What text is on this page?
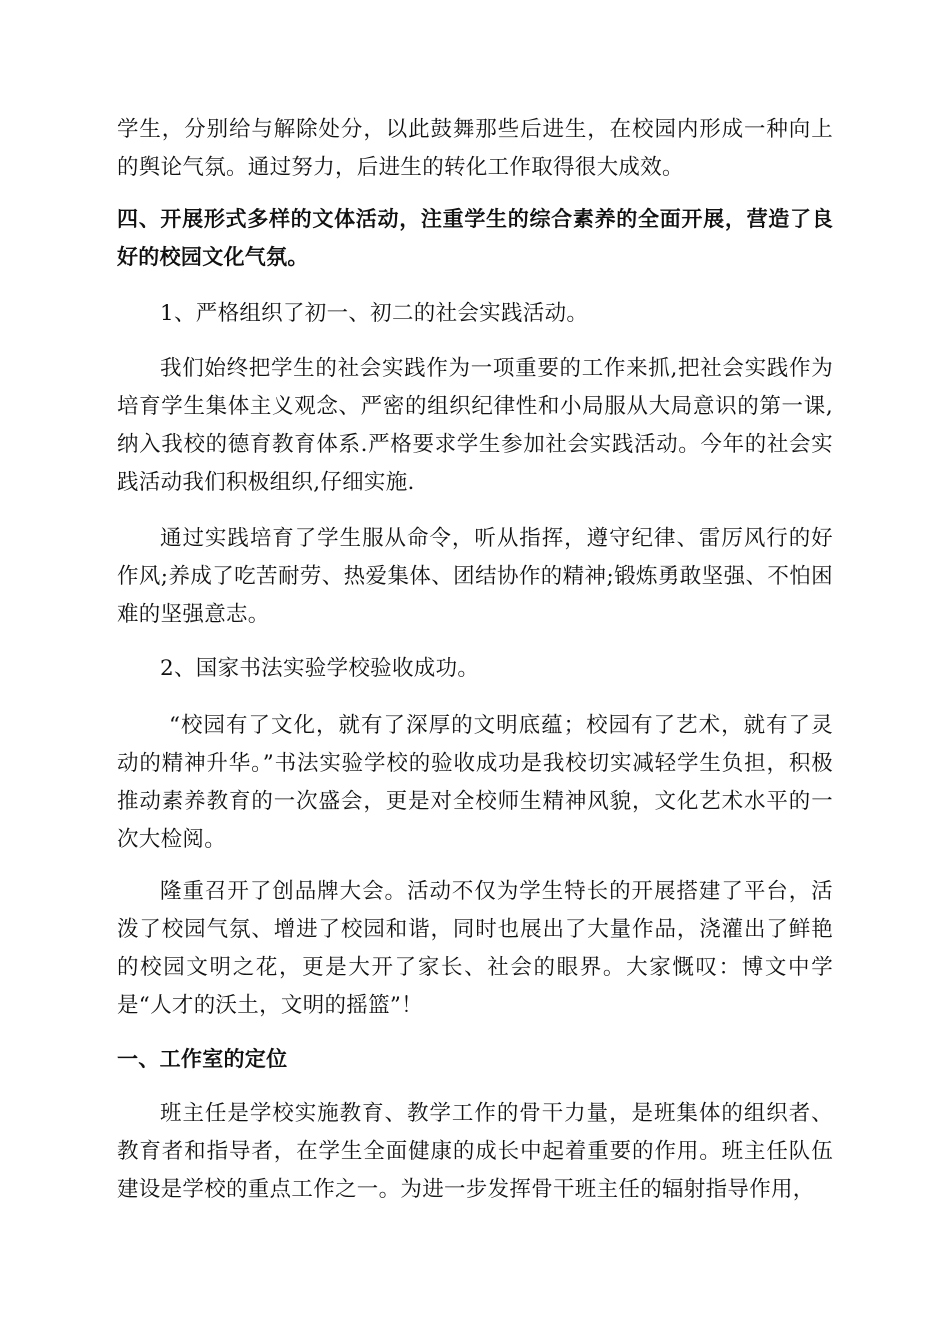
学生，分别给与解除处分，以此鼓舞那些后进生，在校园内形成一种向上的舆论气氛。通过努力，后进生的转化工作取得很大成效。

四、开展形式多样的文体活动，注重学生的综合素养的全面开展，营造了良好的校园文化气氛。

1、严格组织了初一、初二的社会实践活动。

我们始终把学生的社会实践作为一项重要的工作来抓,把社会实践作为培育学生集体主义观念、严密的组织纪律性和小局服从大局意识的第一课,纳入我校的德育教育体系.严格要求学生参加社会实践活动。今年的社会实践活动我们积极组织,仔细实施.

通过实践培育了学生服从命令，听从指挥，遵守纪律、雷厉风行的好作风;养成了吃苦耐劳、热爱集体、团结协作的精神;锻炼勇敢坚强、不怕困难的坚强意志。

2、国家书法实验学校验收成功。

“校园有了文化，就有了深厚的文明底蕴；校园有了艺术，就有了灵动的精神升华。”书法实验学校的验收成功是我校切实减轻学生负担，积极推动素养教育的一次盛会，更是对全校师生精神风貌，文化艺术水平的一次大检阅。

隆重召开了创品牌大会。活动不仅为学生特长的开展搭建了平台，活泼了校园气氛、增进了校园和谐，同时也展出了大量作品，浇灌出了鲜艳的校园文明之花，更是大开了家长、社会的眼界。大家慨叹：博文中学是“人才的沃土，文明的摇篮”！

一、工作室的定位

班主任是学校实施教育、教学工作的骨干力量，是班集体的组织者、教育者和指导者，在学生全面健康的成长中起着重要的作用。班主任队伍建设是学校的重点工作之一。为进一步发挥骨干班主任的辐射指导作用，
